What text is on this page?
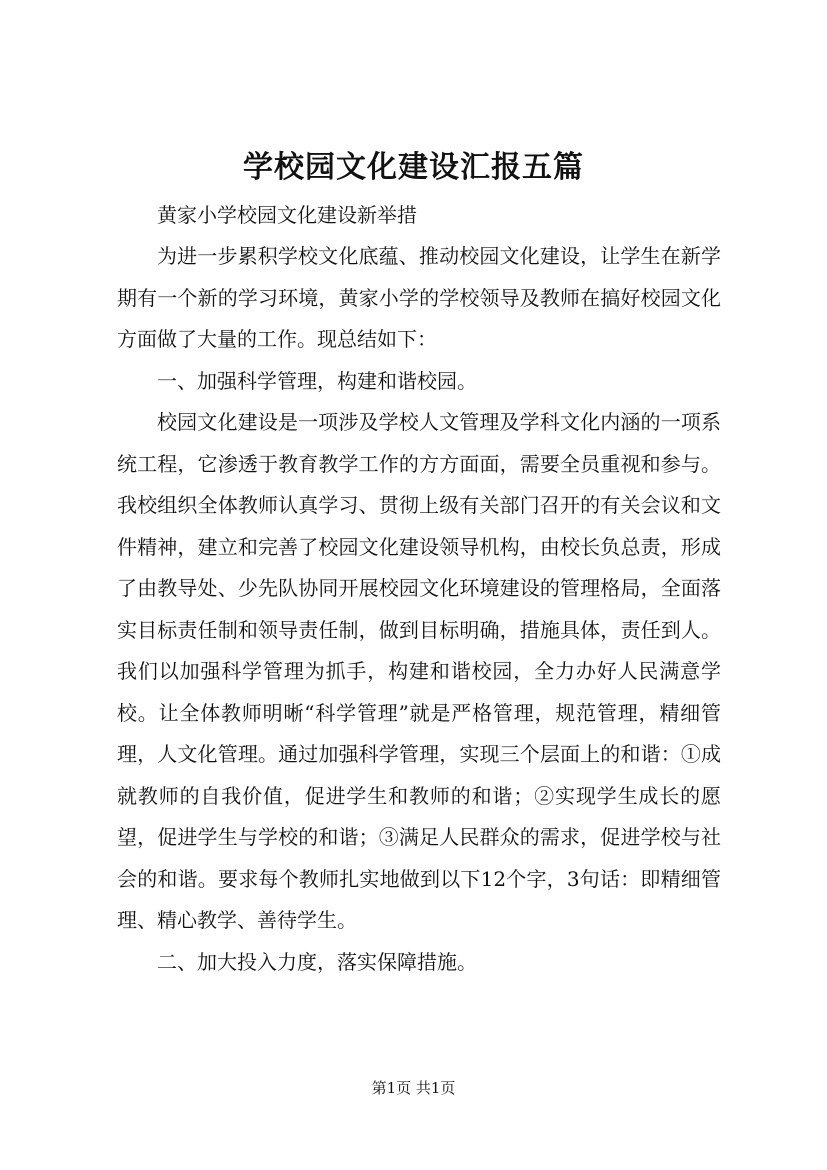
学校园文化建设汇报五篇
黄家小学校园文化建设新举措

为进一步累积学校文化底蕴、推动校园文化建设，让学生在新学期有一个新的学习环境，黄家小学的学校领导及教师在搞好校园文化方面做了大量的工作。现总结如下：

一、加强科学管理，构建和谐校园。

校园文化建设是一项涉及学校人文管理及学科文化内涵的一项系统工程，它渗透于教育教学工作的方方面面，需要全员重视和参与。我校组织全体教师认真学习、贯彻上级有关部门召开的有关会议和文件精神，建立和完善了校园文化建设领导机构，由校长负总责，形成了由教导处、少先队协同开展校园文化环境建设的管理格局，全面落实目标责任制和领导责任制，做到目标明确，措施具体，责任到人。我们以加强科学管理为抓手，构建和谐校园，全力办好人民满意学校。让全体教师明晰“科学管理”就是严格管理，规范管理，精细管理，人文化管理。通过加强科学管理，实现三个层面上的和谐：①成就教师的自我价值，促进学生和教师的和谐；②实现学生成长的愿望，促进学生与学校的和谐；③满足人民群众的需求，促进学校与社会的和谐。要求每个教师扎实地做到以下12个字，3句话：即精细管理、精心教学、善待学生。

二、加大投入力度，落实保障措施。

第1页 共1页
